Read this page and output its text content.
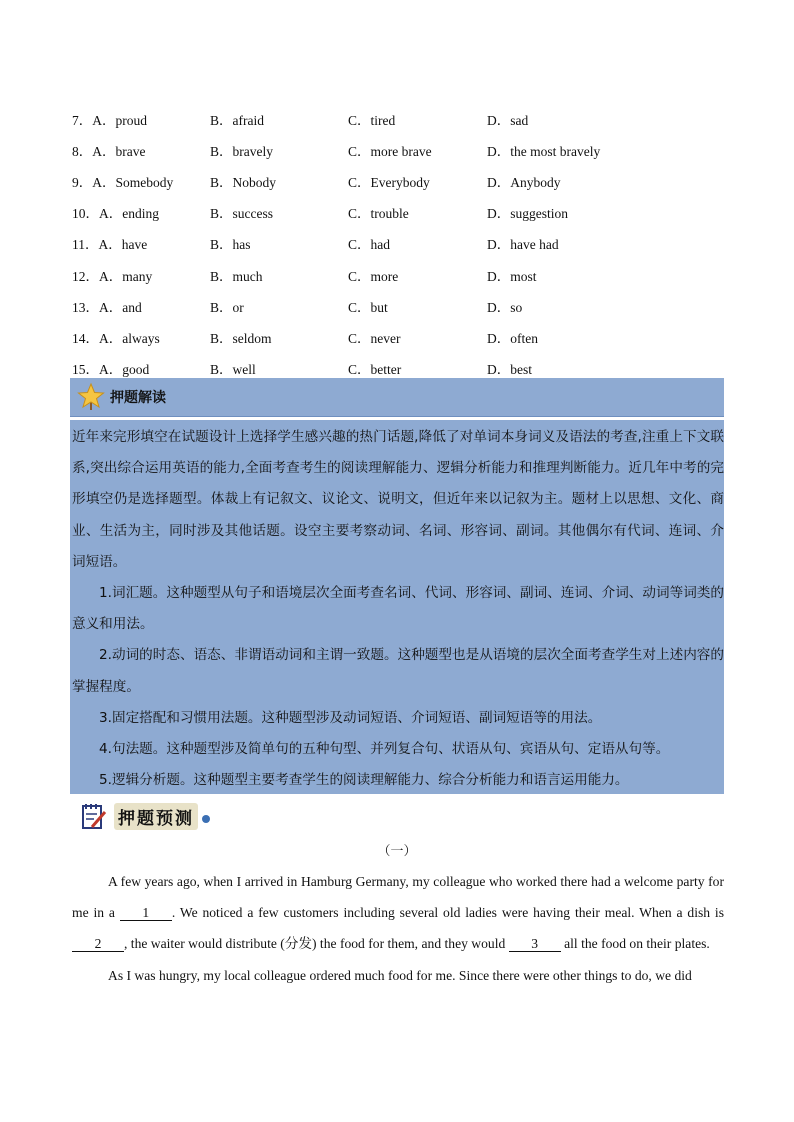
7．A．proud	B．afraid	C．tired	D．sad
8．A．brave	B．bravely	C．more brave	D．the most bravely
9．A．Somebody	B．Nobody	C．Everybody	D．Anybody
10．A．ending	B．success	C．trouble	D．suggestion
11．A．have	B．has	C．had	D．have had
12．A．many	B．much	C．more	D．most
13．A．and	B．or	C．but	D．so
14．A．always	B．seldom	C．never	D．often
15．A．good	B．well	C．better	D．best
押题解读

近年来完形填空在试题设计上选择学生感兴趣的热门话题,降低了对单词本身词义及语法的考查,注重上下文联系,突出综合运用英语的能力,全面考查考生的阅读理解能力、逻辑分析能力和推理判断能力。近几年中考的完形填空仍是选择题型。体裁上有记叙文、议论文、说明文，但近年来以记叙为主。题材上以思想、文化、商业、生活为主，同时涉及其他话题。设空主要考察动词、名词、形容词、副词。其他偶尔有代词、连词、介词短语。

1.词汇题。这种题型从句子和语境层次全面考查名词、代词、形容词、副词、连词、介词、动词等词类的意义和用法。

2.动词的时态、语态、非谓语动词和主谓一致题。这种题型也是从语境的层次全面考查学生对上述内容的掌握程度。

3.固定搭配和习惯用法题。这种题型涉及动词短语、介词短语、副词短语等的用法。

4.句法题。这种题型涉及简单句的五种句型、并列复合句、状语从句、宾语从句、定语从句等。

5.逻辑分析题。这种题型主要考查学生的阅读理解能力、综合分析能力和语言运用能力。

押题预测
（一）

A few years ago, when I arrived in Hamburg Germany, my colleague who worked there had a welcome party for me in a 1 . We noticed a few customers including several old ladies were having their meal. When a dish is 2 , the waiter would distribute (分发) the food for them, and they would 3 all the food on their plates.

As I was hungry, my local colleague ordered much food for me. Since there were other things to do, we did
